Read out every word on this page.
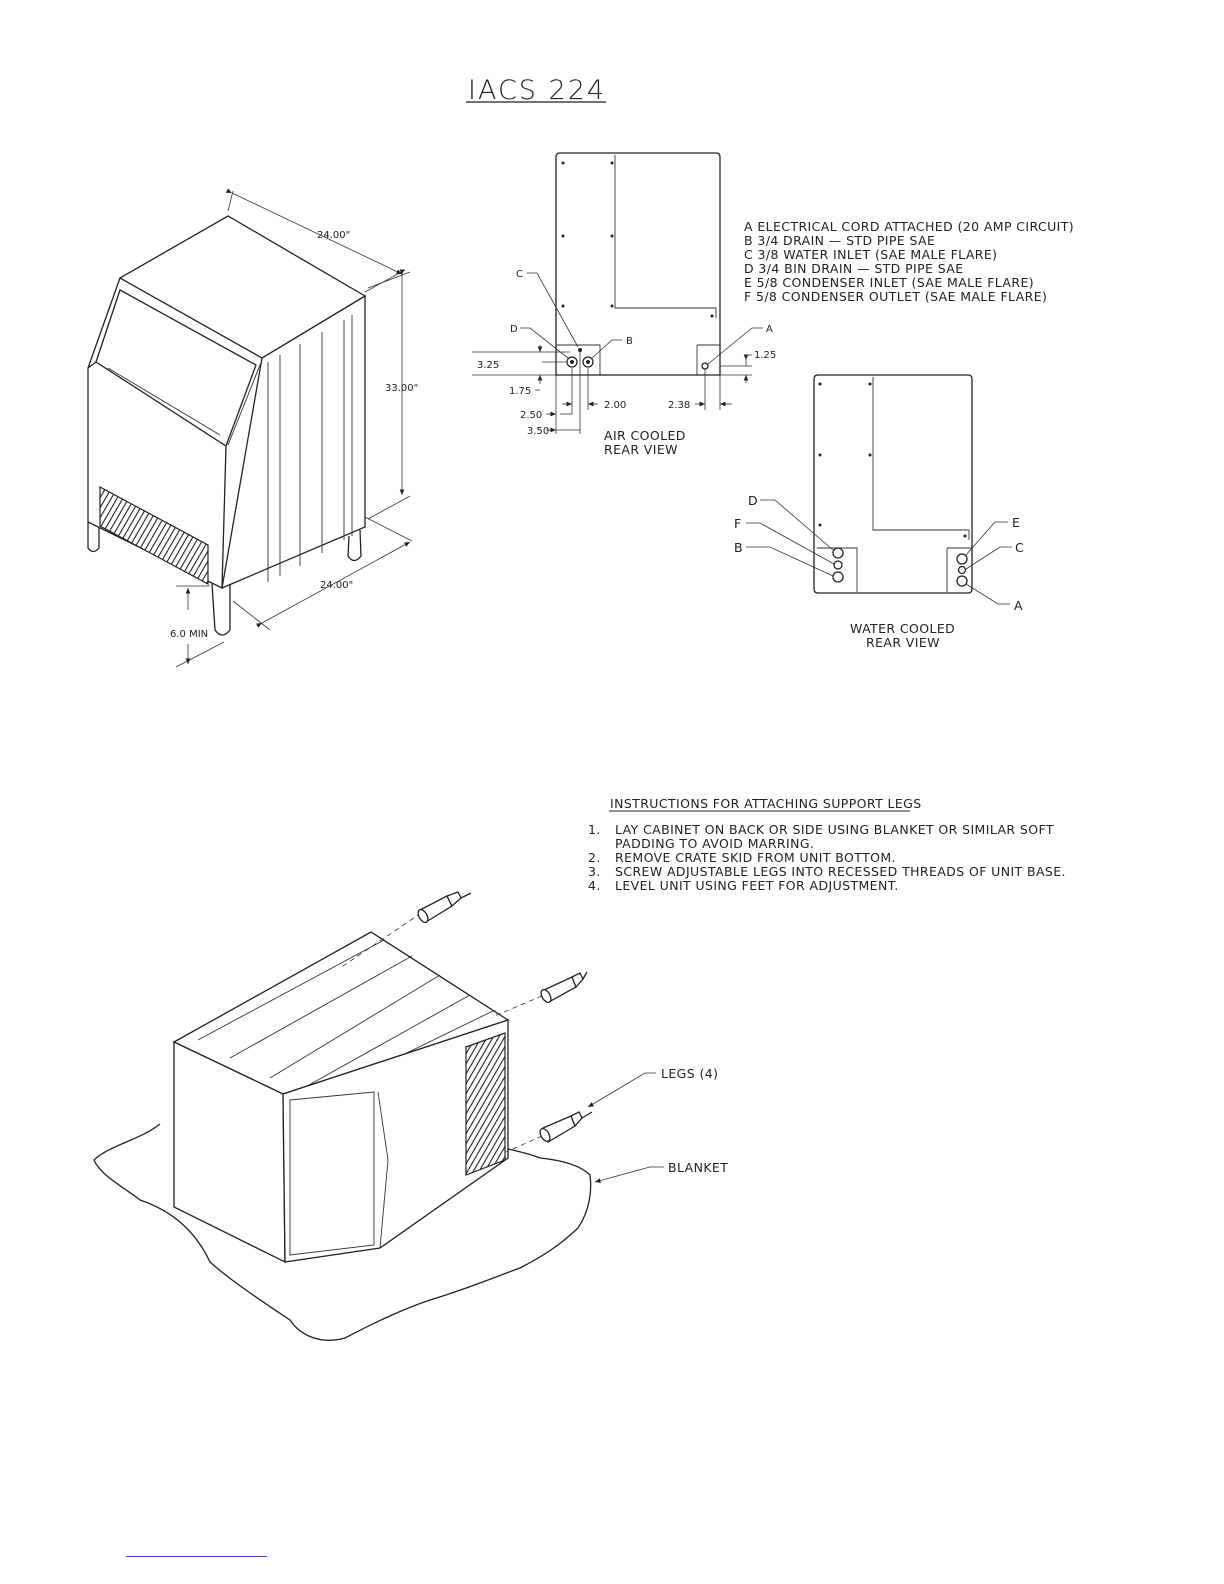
IACS 224
24.00"
33.00"
24.00"
6.0 MIN
C
D
B
A
3.25
1.75
1.25
2.50
3.50
2.00	2.38
AIR COOLED
REAR VIEW
A ELECTRICAL CORD ATTACHED (20 AMP CIRCUIT)
B 3/4 DRAIN — STD PIPE SAE
C 3/8 WATER INLET (SAE MALE FLARE)
D 3/4 BIN DRAIN — STD PIPE SAE
E 5/8 CONDENSER INLET (SAE MALE FLARE)
F 5/8 CONDENSER OUTLET (SAE MALE FLARE)
D
F
B
E
C
A
WATER COOLED
REAR VIEW
INSTRUCTIONS FOR ATTACHING SUPPORT LEGS
1. LAY CABINET ON BACK OR SIDE USING BLANKET OR SIMILAR SOFT
PADDING TO AVOID MARRING.
2. REMOVE CRATE SKID FROM UNIT BOTTOM.
3. SCREW ADJUSTABLE LEGS INTO RECESSED THREADS OF UNIT BASE.
4. LEVEL UNIT USING FEET FOR ADJUSTMENT.
LEGS (4)
BLANKET
